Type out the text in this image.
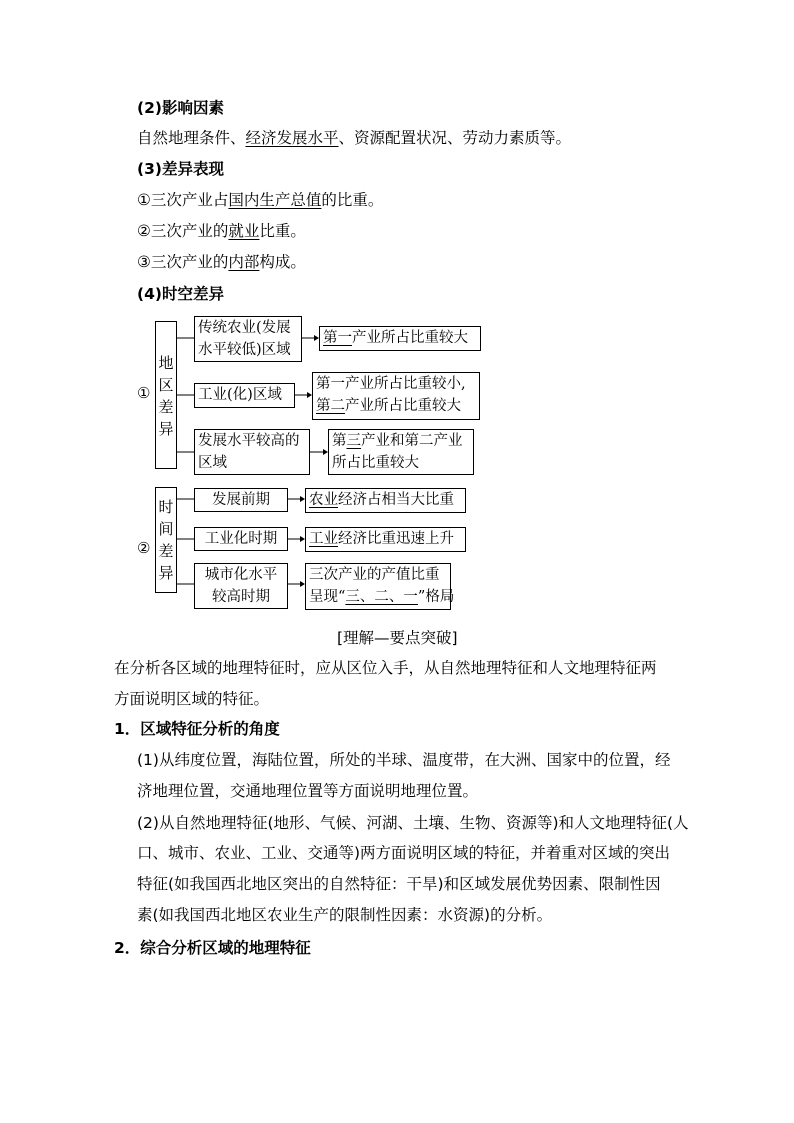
(2)影响因素
自然地理条件、经济发展水平、资源配置状况、劳动力素质等。
(3)差异表现
①三次产业占国内生产总值的比重。
②三次产业的就业比重。
③三次产业的内部构成。
(4)时空差异
①
地区差异
传统农业(发展
水平较低)区域
第一产业所占比重较大
工业(化)区域
第一产业所占比重较小,
第二产业所占比重较大
发展水平较高的
区域
第三产业和第二产业
所占比重较大
②
时间差异
发展前期	农业经济占相当大比重
工业化时期	工业经济比重迅速上升
城市化水平
较高时期
三次产业的产值比重
呈现“三、二、一”格局
[理解—要点突破]
在分析各区域的地理特征时，应从区位入手，从自然地理特征和人文地理特征两
方面说明区域的特征。
1．区域特征分析的角度
(1)从纬度位置，海陆位置，所处的半球、温度带，在大洲、国家中的位置，经
济地理位置，交通地理位置等方面说明地理位置。
(2)从自然地理特征(地形、气候、河湖、土壤、生物、资源等)和人文地理特征(人
口、城市、农业、工业、交通等)两方面说明区域的特征，并着重对区域的突出
特征(如我国西北地区突出的自然特征：干旱)和区域发展优势因素、限制性因
素(如我国西北地区农业生产的限制性因素：水资源)的分析。
2．综合分析区域的地理特征
